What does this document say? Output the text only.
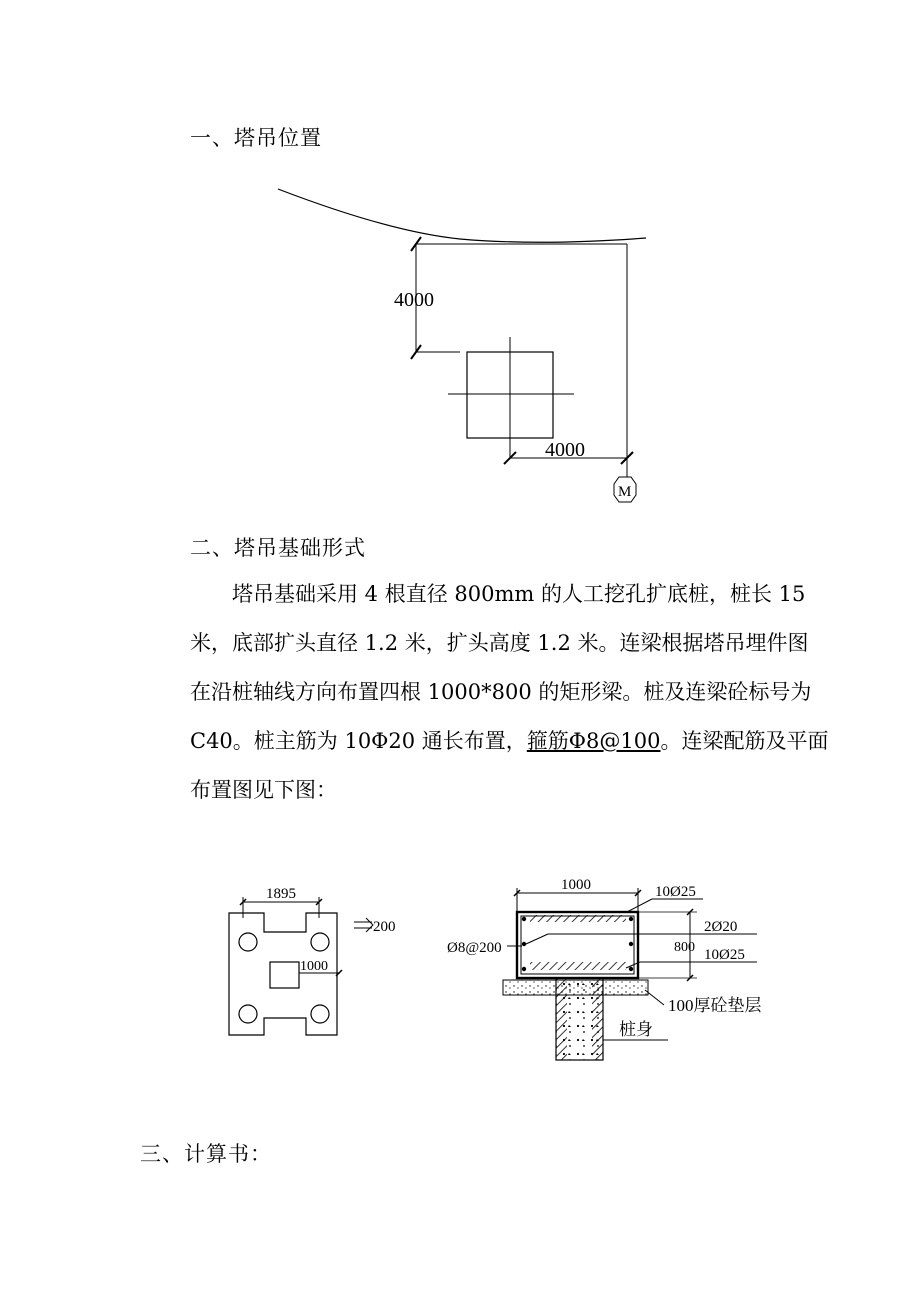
一、塔吊位置
4000
4000
M
1895
200
1000
1000
800
10Ø25
2Ø20
10Ø25
Ø8@200
100厚砼垫层
桩身
二、塔吊基础形式
塔吊基础采用 4 根直径 800mm 的人工挖孔扩底桩，桩长 15
米，底部扩头直径 1.2 米，扩头高度 1.2 米。连梁根据塔吊埋件图
在沿桩轴线方向布置四根 1000*800 的矩形梁。桩及连梁砼标号为
C40。桩主筋为 10Φ20 通长布置，箍筋Φ8@100。连梁配筋及平面
布置图见下图：
三、计算书：
